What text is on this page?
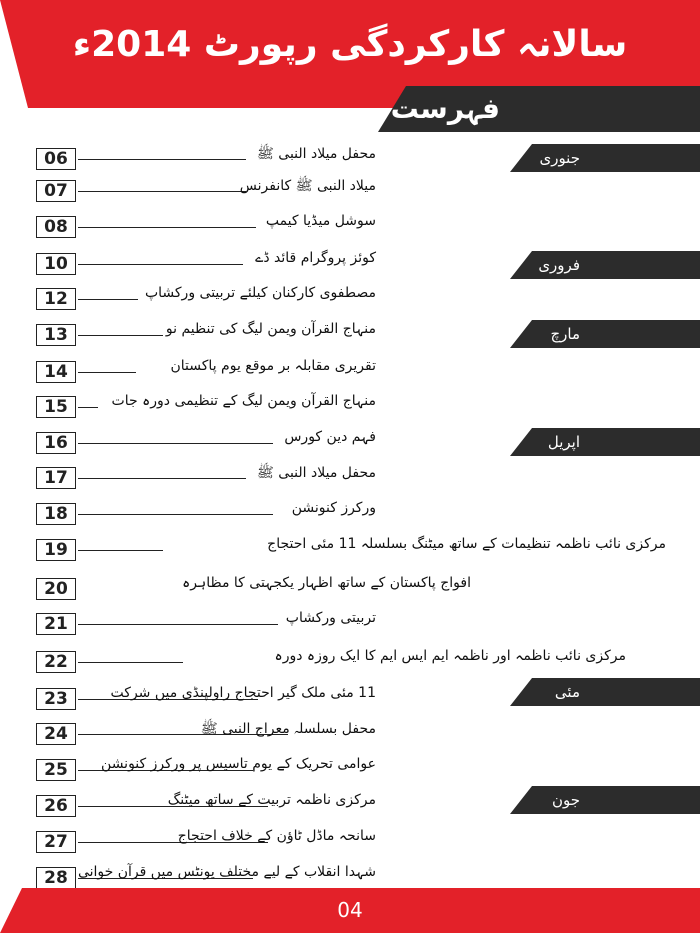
سالانہ کارکردگی رپورٹ 2014ء
فہرست
جنوری
فروری
مارچ
اپریل
مئی
جون
06	محفل میلاد النبی ﷺ
07	میلاد النبی ﷺ کانفرنس
08	سوشل میڈیا کیمپ
10	کوئز پروگرام قائد ڈے
12	مصطفوی کارکنان کیلئے تربیتی ورکشاپ
13	منہاج القرآن ویمن لیگ کی تنظیم نو
14	تقریری مقابلہ بر موقع یوم پاکستان
15	منہاج القرآن ویمن لیگ کے تنظیمی دورہ جات
16	فہم دین کورس
17	محفل میلاد النبی ﷺ
18	ورکرز کنونشن
19	مرکزی نائب ناظمہ تنظیمات کے ساتھ میٹنگ بسلسلہ 11 مئی احتجاج
20	افواج پاکستان کے ساتھ اظہار یکجہتی کا مظاہرہ
21	تربیتی ورکشاپ
22	مرکزی نائب ناظمہ اور ناظمہ ایم ایس ایم کا ایک روزہ دورہ
23	11 مئی ملک گیر احتجاج راولپنڈی میں شرکت
24	محفل بسلسلہ معراج النبی ﷺ
25	عوامی تحریک کے یوم تاسیس پر ورکرز کنونشن
26	مرکزی ناظمہ تربیت کے ساتھ میٹنگ
27	سانحہ ماڈل ٹاؤن کے خلاف احتجاج
28 شہدا انقلاب کے لیے مختلف یونٹس میں قرآن خوانی
04
